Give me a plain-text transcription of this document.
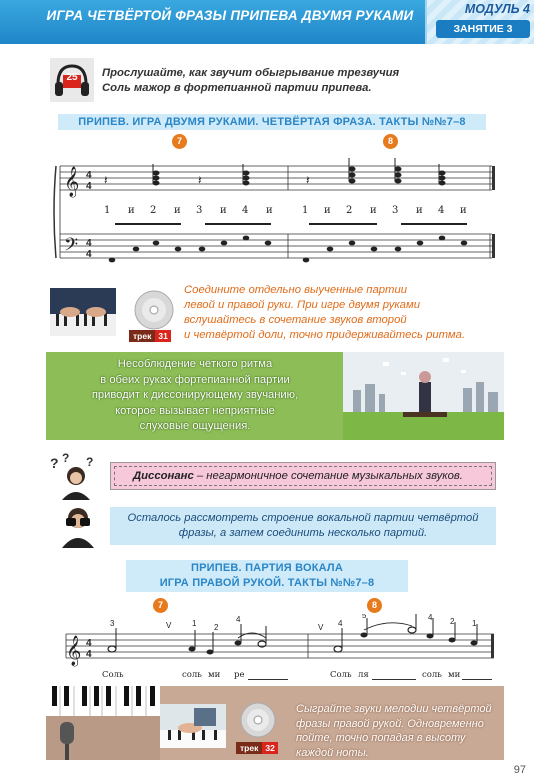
ИГРА ЧЕТВЁРТОЙ ФРАЗЫ ПРИПЕВА ДВУМЯ РУКАМИ	МОДУЛЬ 4
ЗАНЯТИЕ 3
25	Прослушайте, как звучит обыгрывание трезвучия
Соль мажор в фортепианной партии припева.
ПРИПЕВ. ИГРА ДВУМЯ РУКАМИ. ЧЕТВЁРТАЯ ФРАЗА. ТАКТЫ №№7–8
7	8
𝄞
𝄢
4
4
4
4
𝄽	𝄽	𝄽
1 и 2 и 3 и 4 и	1 и 2 и 3 и 4 и
трек 31
Соедините отдельно выученные партии
левой и правой руки. При игре двумя руками
вслушайтесь в сочетание звуков второй
и четвёртой доли, точно придерживайтесь ритма.
Несоблюдение чёткого ритма
в обеих руках фортепианной партии
приводит к диссонирующему звучанию,
которое вызывает неприятные
слуховые ощущения.
? ? ?
Диссонанс – негармоничное сочетание музыкальных звуков.
Осталось рассмотреть строение вокальной партии четвёртой
фразы, а затем соединить несколько партий.
ПРИПЕВ. ПАРТИЯ ВОКАЛА
ИГРА ПРАВОЙ РУКОЙ. ТАКТЫ №№7–8
7	8
𝄞 4
4
3	V	1 2
4
V 4
5	4 2 1
Соль	соль ми ре	Соль ля	соль ми
трек 32
Сыграйте звуки мелодии четвёртой
фразы правой рукой. Одновременно
пойте, точно попадая в высоту
каждой ноты.
97
